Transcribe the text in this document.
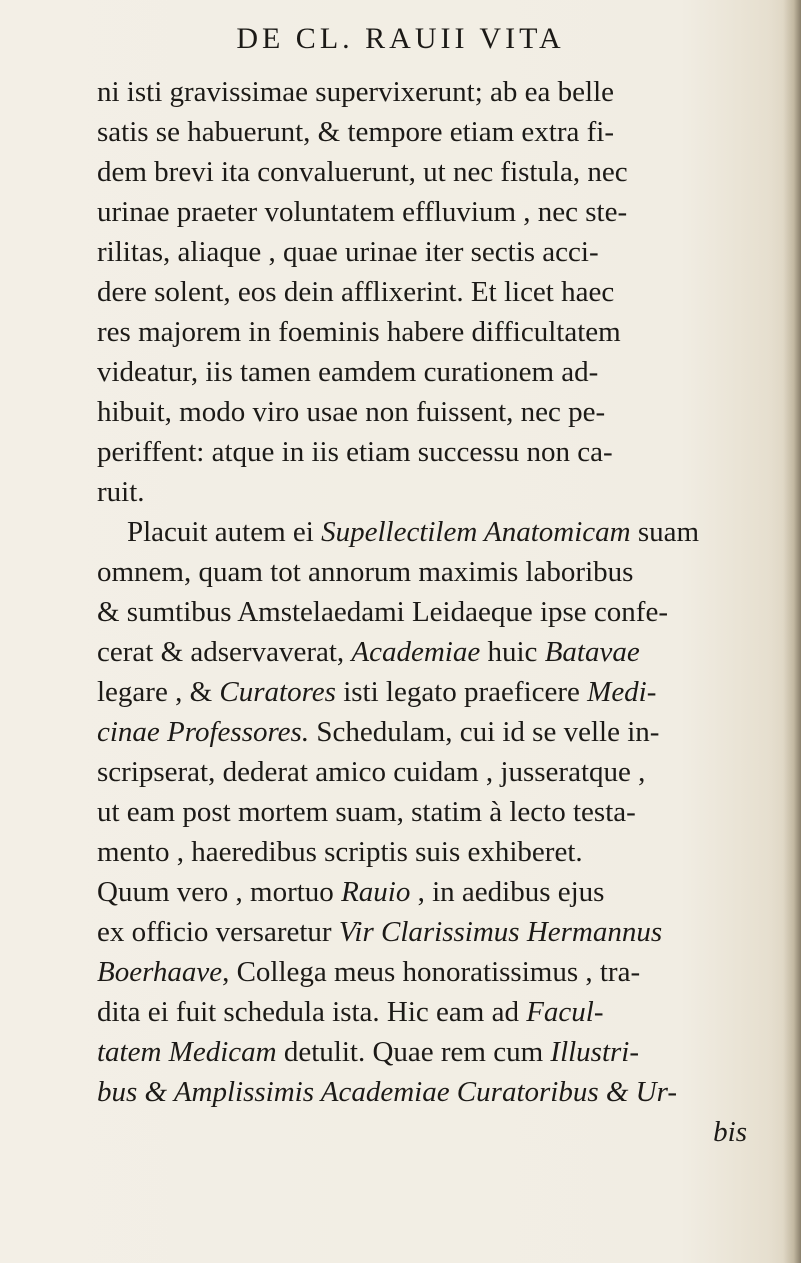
DE CL. RAUII VITA
ni isti gravissimae supervixerunt; ab ea belle
satis se habuerunt, & tempore etiam extra fi-
dem brevi ita convaluerunt, ut nec fistula, nec
urinae praeter voluntatem effluvium , nec ste-
rilitas, aliaque , quae urinae iter sectis acci-
dere solent, eos dein afflixerint. Et licet haec
res majorem in foeminis habere difficultatem
videatur, iis tamen eamdem curationem ad-
hibuit, modo viro usae non fuissent, nec pe-
periffent: atque in iis etiam successu non ca-
ruit.
Placuit autem ei Supellectilem Anatomicam suam
omnem, quam tot annorum maximis laboribus
& sumtibus Amstelaedami Leidaeque ipse confe-
cerat & adservaverat, Academiae huic Batavae
legare , & Curatores isti legato praeficere Medi-
cinae Professores. Schedulam, cui id se velle in-
scripserat, dederat amico cuidam , jusseratque ,
ut eam post mortem suam, statim à lecto testa-
mento , haeredibus scriptis suis exhiberet.
Quum vero , mortuo Rauio , in aedibus ejus
ex officio versaretur Vir Clarissimus Hermannus
Boerhaave, Collega meus honoratissimus , tra-
dita ei fuit schedula ista. Hic eam ad Facul-
tatem Medicam detulit. Quae rem cum Illustri-
bus & Amplissimis Academiae Curatoribus & Ur-
bis
